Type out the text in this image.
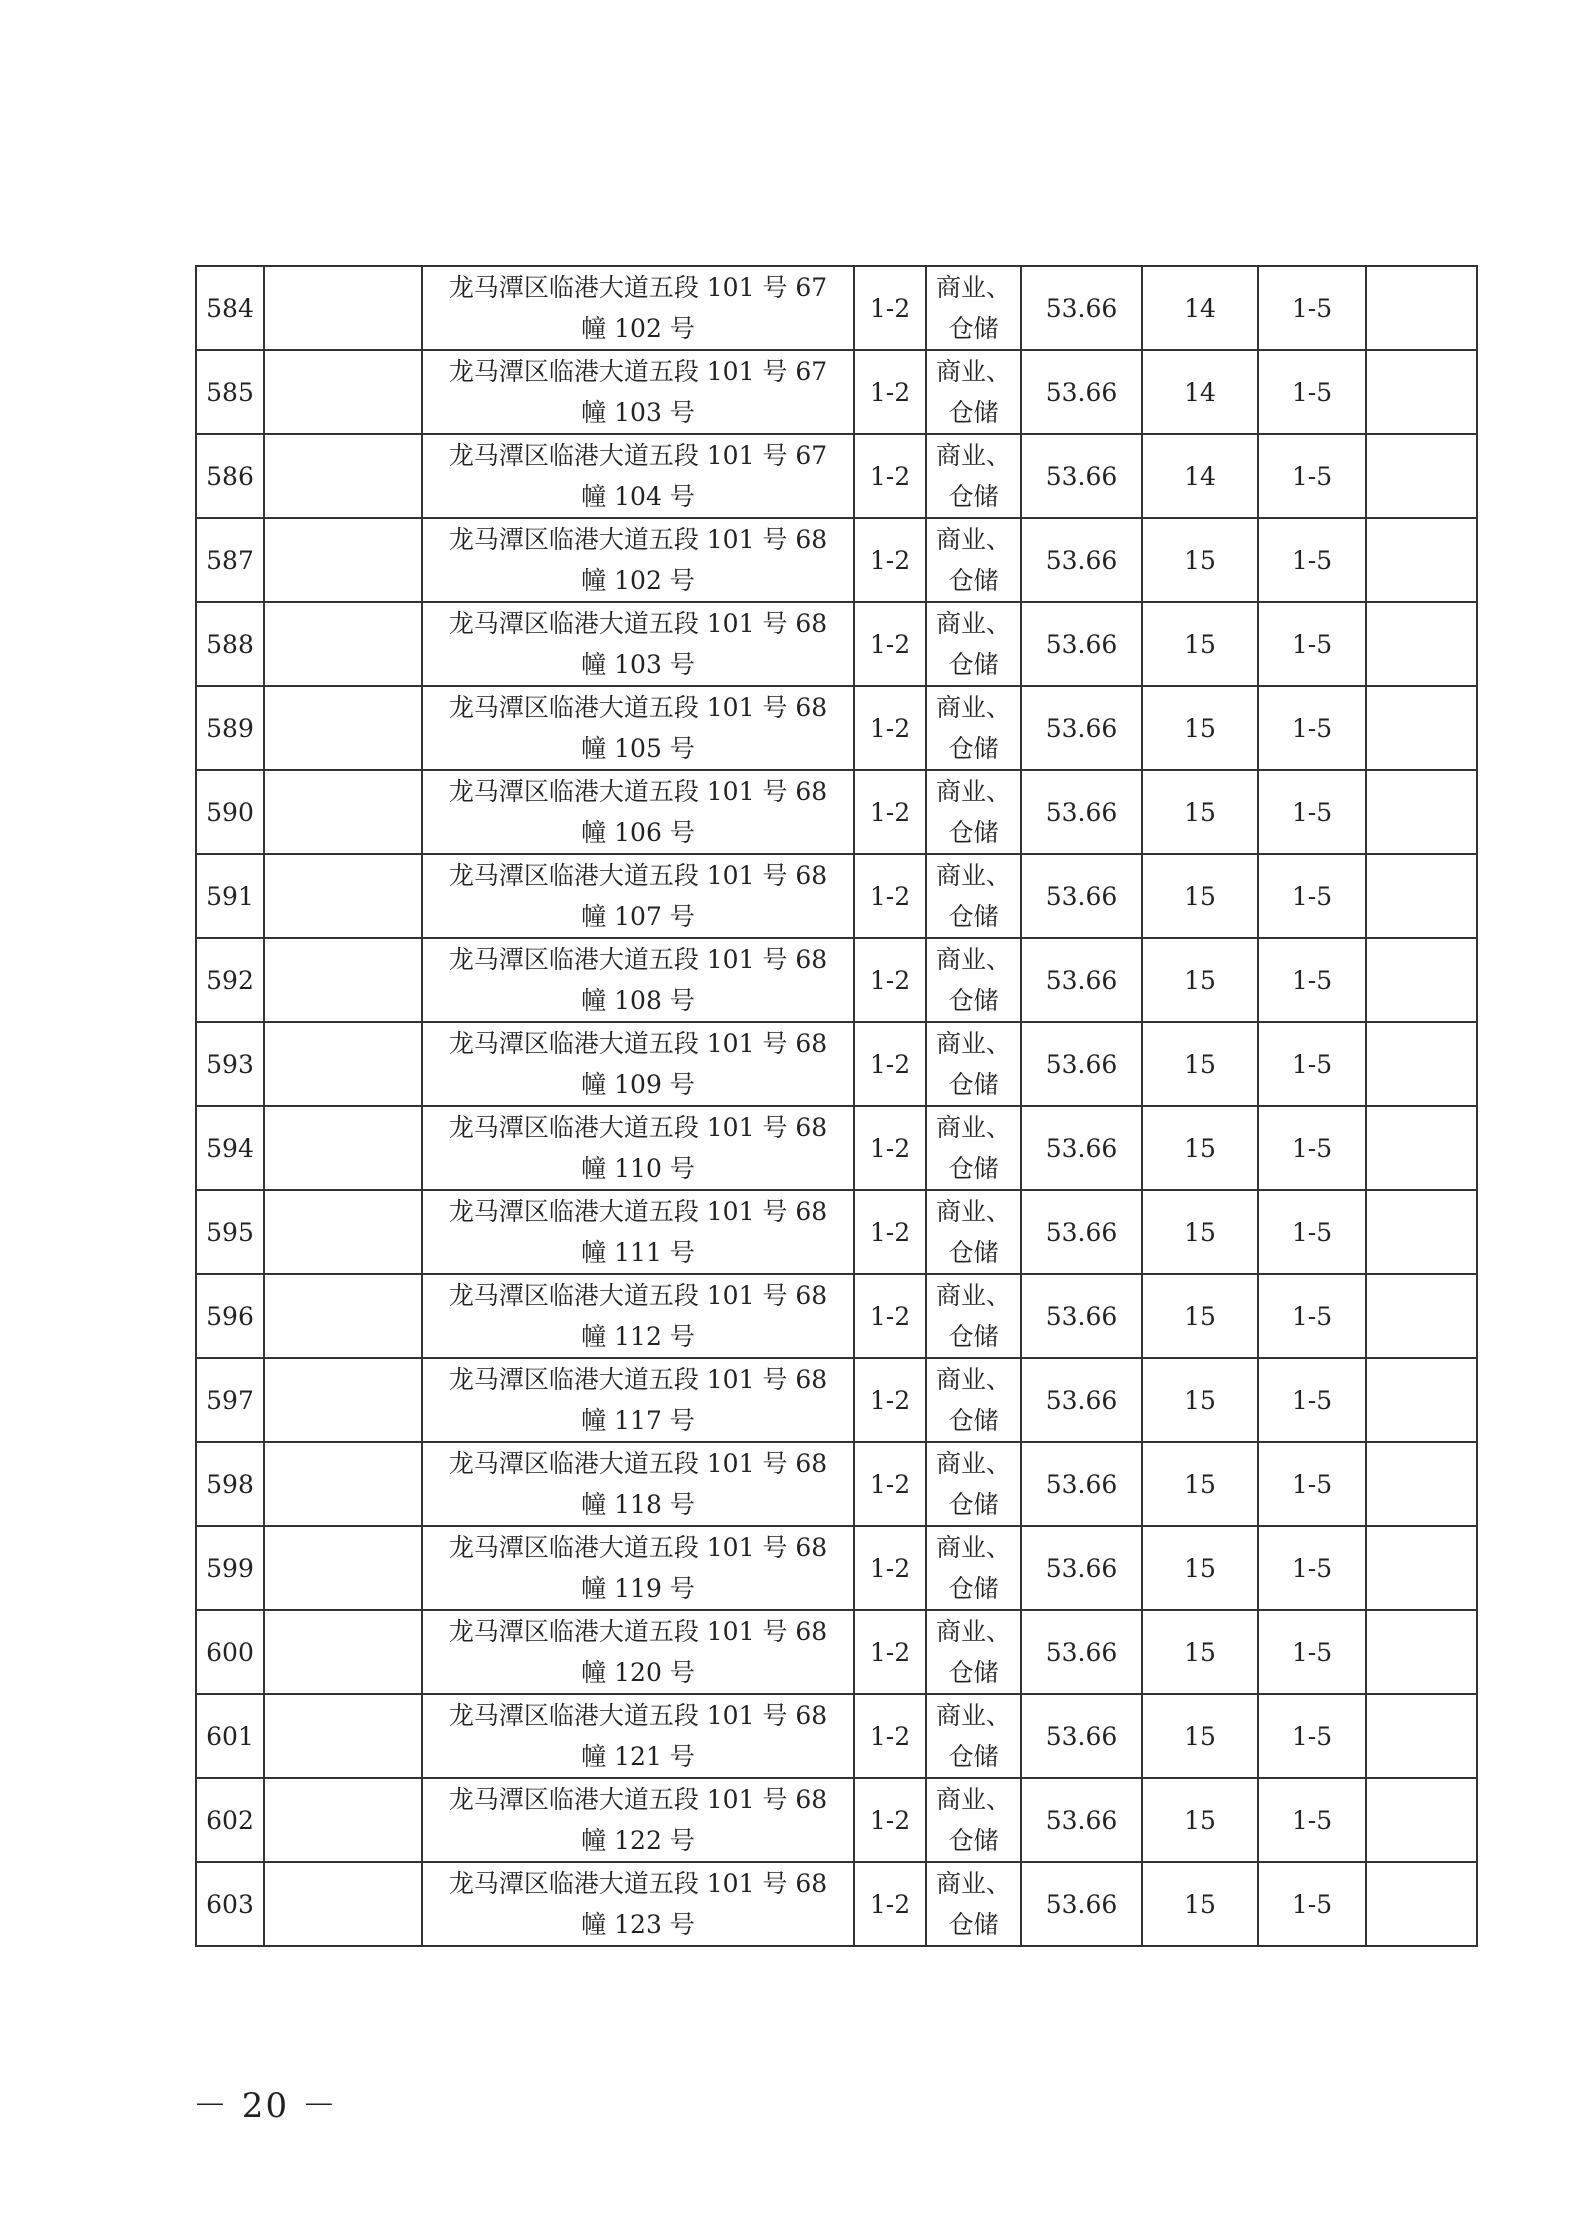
584		龙马潭区临港大道五段 101 号 67
幢 102 号	1-2	商业、
仓储	53.66	14	1-5	
585		龙马潭区临港大道五段 101 号 67
幢 103 号	1-2	商业、
仓储	53.66	14	1-5	
586		龙马潭区临港大道五段 101 号 67
幢 104 号	1-2	商业、
仓储	53.66	14	1-5	
587		龙马潭区临港大道五段 101 号 68
幢 102 号	1-2	商业、
仓储	53.66	15	1-5	
588		龙马潭区临港大道五段 101 号 68
幢 103 号	1-2	商业、
仓储	53.66	15	1-5	
589		龙马潭区临港大道五段 101 号 68
幢 105 号	1-2	商业、
仓储	53.66	15	1-5	
590		龙马潭区临港大道五段 101 号 68
幢 106 号	1-2	商业、
仓储	53.66	15	1-5	
591		龙马潭区临港大道五段 101 号 68
幢 107 号	1-2	商业、
仓储	53.66	15	1-5	
592		龙马潭区临港大道五段 101 号 68
幢 108 号	1-2	商业、
仓储	53.66	15	1-5	
593		龙马潭区临港大道五段 101 号 68
幢 109 号	1-2	商业、
仓储	53.66	15	1-5	
594		龙马潭区临港大道五段 101 号 68
幢 110 号	1-2	商业、
仓储	53.66	15	1-5	
595		龙马潭区临港大道五段 101 号 68
幢 111 号	1-2	商业、
仓储	53.66	15	1-5	
596		龙马潭区临港大道五段 101 号 68
幢 112 号	1-2	商业、
仓储	53.66	15	1-5	
597		龙马潭区临港大道五段 101 号 68
幢 117 号	1-2	商业、
仓储	53.66	15	1-5	
598		龙马潭区临港大道五段 101 号 68
幢 118 号	1-2	商业、
仓储	53.66	15	1-5	
599		龙马潭区临港大道五段 101 号 68
幢 119 号	1-2	商业、
仓储	53.66	15	1-5	
600		龙马潭区临港大道五段 101 号 68
幢 120 号	1-2	商业、
仓储	53.66	15	1-5	
601		龙马潭区临港大道五段 101 号 68
幢 121 号	1-2	商业、
仓储	53.66	15	1-5	
602		龙马潭区临港大道五段 101 号 68
幢 122 号	1-2	商业、
仓储	53.66	15	1-5	
603		龙马潭区临港大道五段 101 号 68
幢 123 号	1-2	商业、
仓储	53.66	15	1-5	
－ 20 －
